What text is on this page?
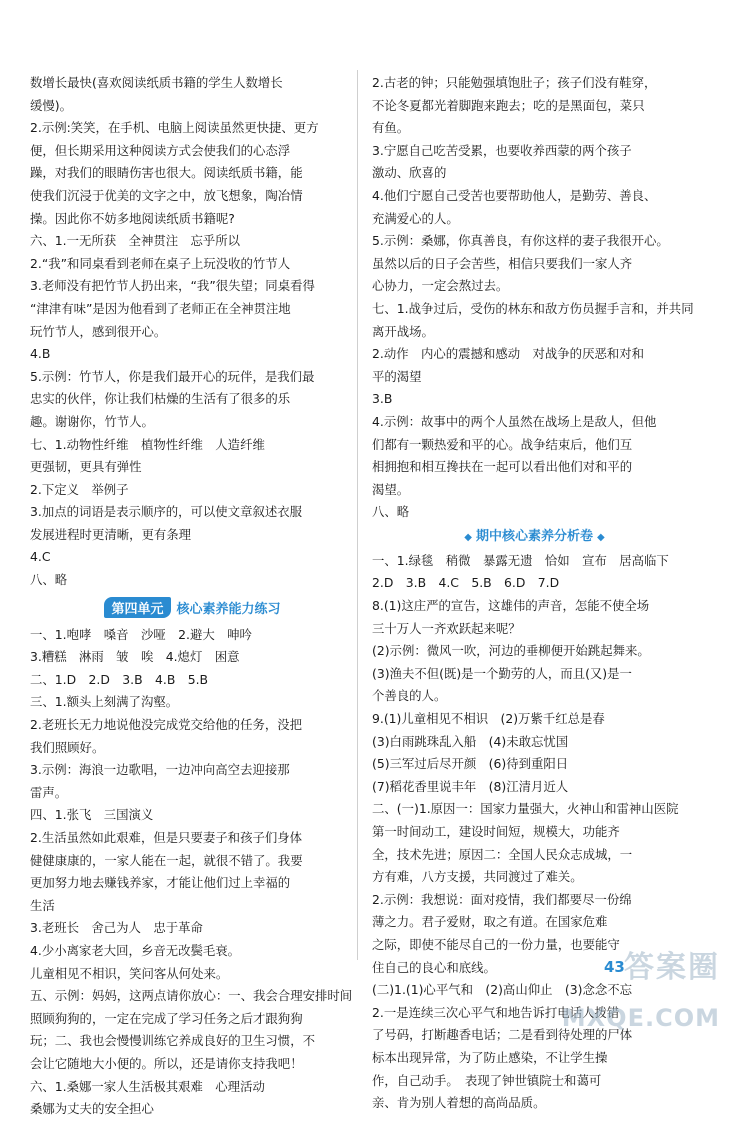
数增长最快(喜欢阅读纸质书籍的学生人数增长
缓慢)。
2.示例:笑笑，在手机、电脑上阅读虽然更快捷、更方
便，但长期采用这种阅读方式会使我们的心态浮
躁，对我们的眼睛伤害也很大。阅读纸质书籍，能
使我们沉浸于优美的文字之中，放飞想象，陶冶情
操。因此你不妨多地阅读纸质书籍呢?
六、1.一无所获　全神贯注　忘乎所以
2.“我”和同桌看到老师在桌子上玩没收的竹节人
3.老师没有把竹节人扔出来，“我”很失望；同桌看得
“津津有味”是因为他看到了老师正在全神贯注地
玩竹节人，感到很开心。
4.B
5.示例：竹节人，你是我们最开心的玩伴，是我们最
忠实的伙伴，你让我们枯燥的生活有了很多的乐
趣。谢谢你，竹节人。
七、1.动物性纤维　植物性纤维　人造纤维
更强韧，更具有弹性
2.下定义　举例子
3.加点的词语是表示顺序的，可以使文章叙述衣服
发展进程时更清晰，更有条理
4.C
八、略
第四单元	核心素养能力练习
一、1.咆哮　嗓音　沙哑　2.避大　呻吟
3.糟糕　淋雨　皱　唉　4.熄灯　困意
二、1.D　2.D　3.B　4.B　5.B
三、1.额头上刻满了沟壑。
2.老班长无力地说他没完成党交给他的任务，没把
我们照顾好。
3.示例：海浪一边歌唱，一边冲向高空去迎接那
雷声。
四、1.张飞　三国演义
2.生活虽然如此艰难，但是只要妻子和孩子们身体
健健康康的，一家人能在一起，就很不错了。我要
更加努力地去赚钱养家，才能让他们过上幸福的
生活
3.老班长　舍己为人　忠于革命
4.少小离家老大回，乡音无改鬓毛衰。
儿童相见不相识，笑问客从何处来。
五、示例：妈妈，这两点请你放心：一、我会合理安排时间
照顾狗狗的，一定在完成了学习任务之后才跟狗狗
玩；二、我也会慢慢训练它养成良好的卫生习惯，不
会让它随地大小便的。所以，还是请你支持我吧！
六、1.桑娜一家人生活极其艰难　心理活动
桑娜为丈夫的安全担心
2.古老的钟；只能勉强填饱肚子；孩子们没有鞋穿，
不论冬夏都光着脚跑来跑去；吃的是黑面包，菜只
有鱼。
3.宁愿自己吃苦受累，也要收养西蒙的两个孩子
激动、欣喜的
4.他们宁愿自己受苦也要帮助他人，是勤劳、善良、
充满爱心的人。
5.示例：桑娜，你真善良，有你这样的妻子我很开心。
虽然以后的日子会苦些，相信只要我们一家人齐
心协力，一定会熬过去。
七、1.战争过后，受伤的林东和敌方伤员握手言和，并共同
离开战场。
2.动作　内心的震撼和感动　对战争的厌恶和对和
平的渴望
3.B
4.示例：故事中的两个人虽然在战场上是敌人，但他
们都有一颗热爱和平的心。战争结束后，他们互
相拥抱和相互搀扶在一起可以看出他们对和平的
渴望。
八、略
◆ 期中核心素养分析卷 ◆
一、1.绿毯　稍微　暴露无遗　恰如　宣布　居高临下
2.D　3.B　4.C　5.B　6.D　7.D
8.(1)这庄严的宣告，这雄伟的声音，怎能不使全场
三十万人一齐欢跃起来呢？
(2)示例：微风一吹，河边的垂柳便开始跳起舞来。
(3)渔夫不但(既)是一个勤劳的人，而且(又)是一
个善良的人。
9.(1)儿童相见不相识　(2)万紫千红总是春
(3)白雨跳珠乱入船　(4)未敢忘忧国
(5)三军过后尽开颜　(6)待到重阳日
(7)稻花香里说丰年　(8)江清月近人
二、(一)1.原因一：国家力量强大，火神山和雷神山医院
第一时间动工，建设时间短，规模大，功能齐
全，技术先进；原因二：全国人民众志成城，一
方有难，八方支援，共同渡过了难关。
2.示例：我想说：面对疫情，我们都要尽一份绵
薄之力。君子爱财，取之有道。在国家危难
之际，即使不能尽自己的一份力量，也要能守
住自己的良心和底线。
(二)1.(1)心平气和　(2)高山仰止　(3)念念不忘
2.一是连续三次心平气和地告诉打电话人拨错
了号码，打断趣香电话；二是看到待处理的尸体
标本出现异常，为了防止感染，不让学生操
作，自己动手。　表现了钟世镇院士和蔼可
亲、肯为别人着想的高尚品质。
43 答案圈
MXQE.COM
